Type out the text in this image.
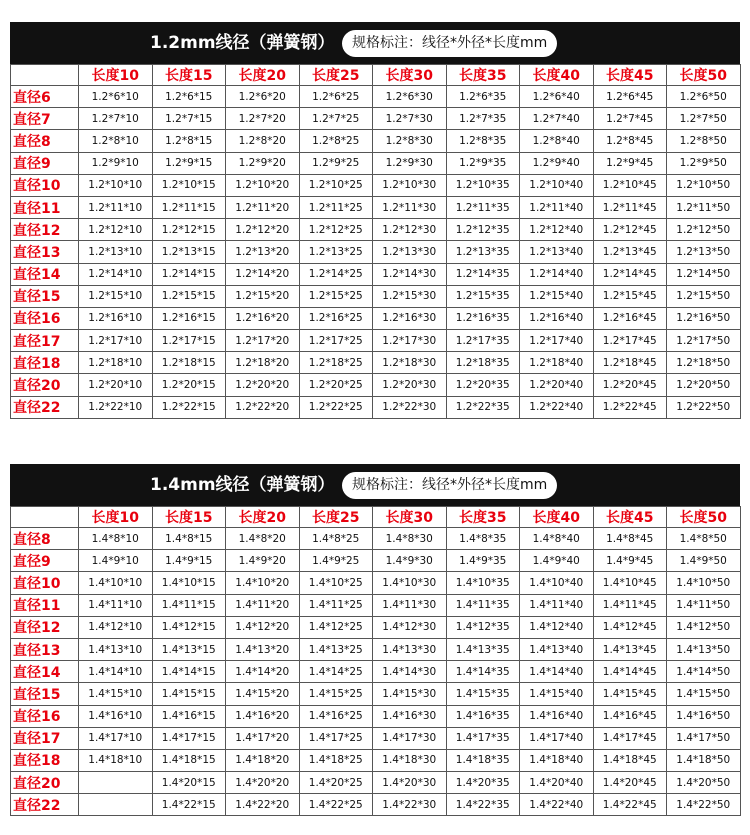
1.2mm线径（弹簧钢）	规格标注：线径*外径*长度mm
	长度10	长度15	长度20	长度25	长度30	长度35	长度40	长度45	长度50
直径6	1.2*6*10	1.2*6*15	1.2*6*20	1.2*6*25	1.2*6*30	1.2*6*35	1.2*6*40	1.2*6*45	1.2*6*50
直径7	1.2*7*10	1.2*7*15	1.2*7*20	1.2*7*25	1.2*7*30	1.2*7*35	1.2*7*40	1.2*7*45	1.2*7*50
直径8	1.2*8*10	1.2*8*15	1.2*8*20	1.2*8*25	1.2*8*30	1.2*8*35	1.2*8*40	1.2*8*45	1.2*8*50
直径9	1.2*9*10	1.2*9*15	1.2*9*20	1.2*9*25	1.2*9*30	1.2*9*35	1.2*9*40	1.2*9*45	1.2*9*50
直径10	1.2*10*10	1.2*10*15	1.2*10*20	1.2*10*25	1.2*10*30	1.2*10*35	1.2*10*40	1.2*10*45	1.2*10*50
直径11	1.2*11*10	1.2*11*15	1.2*11*20	1.2*11*25	1.2*11*30	1.2*11*35	1.2*11*40	1.2*11*45	1.2*11*50
直径12	1.2*12*10	1.2*12*15	1.2*12*20	1.2*12*25	1.2*12*30	1.2*12*35	1.2*12*40	1.2*12*45	1.2*12*50
直径13	1.2*13*10	1.2*13*15	1.2*13*20	1.2*13*25	1.2*13*30	1.2*13*35	1.2*13*40	1.2*13*45	1.2*13*50
直径14	1.2*14*10	1.2*14*15	1.2*14*20	1.2*14*25	1.2*14*30	1.2*14*35	1.2*14*40	1.2*14*45	1.2*14*50
直径15	1.2*15*10	1.2*15*15	1.2*15*20	1.2*15*25	1.2*15*30	1.2*15*35	1.2*15*40	1.2*15*45	1.2*15*50
直径16	1.2*16*10	1.2*16*15	1.2*16*20	1.2*16*25	1.2*16*30	1.2*16*35	1.2*16*40	1.2*16*45	1.2*16*50
直径17	1.2*17*10	1.2*17*15	1.2*17*20	1.2*17*25	1.2*17*30	1.2*17*35	1.2*17*40	1.2*17*45	1.2*17*50
直径18	1.2*18*10	1.2*18*15	1.2*18*20	1.2*18*25	1.2*18*30	1.2*18*35	1.2*18*40	1.2*18*45	1.2*18*50
直径20	1.2*20*10	1.2*20*15	1.2*20*20	1.2*20*25	1.2*20*30	1.2*20*35	1.2*20*40	1.2*20*45	1.2*20*50
直径22	1.2*22*10	1.2*22*15	1.2*22*20	1.2*22*25	1.2*22*30	1.2*22*35	1.2*22*40	1.2*22*45	1.2*22*50
1.4mm线径（弹簧钢）	规格标注：线径*外径*长度mm
	长度10	长度15	长度20	长度25	长度30	长度35	长度40	长度45	长度50
直径8	1.4*8*10	1.4*8*15	1.4*8*20	1.4*8*25	1.4*8*30	1.4*8*35	1.4*8*40	1.4*8*45	1.4*8*50
直径9	1.4*9*10	1.4*9*15	1.4*9*20	1.4*9*25	1.4*9*30	1.4*9*35	1.4*9*40	1.4*9*45	1.4*9*50
直径10	1.4*10*10	1.4*10*15	1.4*10*20	1.4*10*25	1.4*10*30	1.4*10*35	1.4*10*40	1.4*10*45	1.4*10*50
直径11	1.4*11*10	1.4*11*15	1.4*11*20	1.4*11*25	1.4*11*30	1.4*11*35	1.4*11*40	1.4*11*45	1.4*11*50
直径12	1.4*12*10	1.4*12*15	1.4*12*20	1.4*12*25	1.4*12*30	1.4*12*35	1.4*12*40	1.4*12*45	1.4*12*50
直径13	1.4*13*10	1.4*13*15	1.4*13*20	1.4*13*25	1.4*13*30	1.4*13*35	1.4*13*40	1.4*13*45	1.4*13*50
直径14	1.4*14*10	1.4*14*15	1.4*14*20	1.4*14*25	1.4*14*30	1.4*14*35	1.4*14*40	1.4*14*45	1.4*14*50
直径15	1.4*15*10	1.4*15*15	1.4*15*20	1.4*15*25	1.4*15*30	1.4*15*35	1.4*15*40	1.4*15*45	1.4*15*50
直径16	1.4*16*10	1.4*16*15	1.4*16*20	1.4*16*25	1.4*16*30	1.4*16*35	1.4*16*40	1.4*16*45	1.4*16*50
直径17	1.4*17*10	1.4*17*15	1.4*17*20	1.4*17*25	1.4*17*30	1.4*17*35	1.4*17*40	1.4*17*45	1.4*17*50
直径18	1.4*18*10	1.4*18*15	1.4*18*20	1.4*18*25	1.4*18*30	1.4*18*35	1.4*18*40	1.4*18*45	1.4*18*50
直径20		1.4*20*15	1.4*20*20	1.4*20*25	1.4*20*30	1.4*20*35	1.4*20*40	1.4*20*45	1.4*20*50
直径22		1.4*22*15	1.4*22*20	1.4*22*25	1.4*22*30	1.4*22*35	1.4*22*40	1.4*22*45	1.4*22*50
